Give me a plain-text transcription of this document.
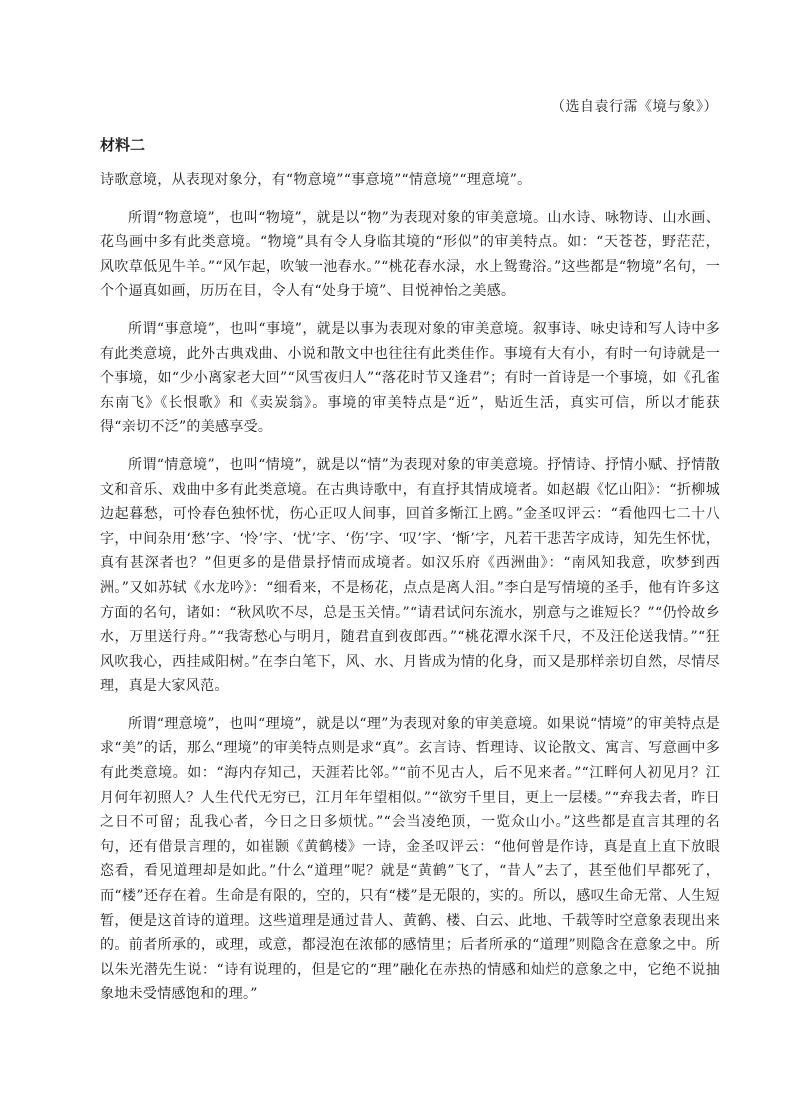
（选自袁行霈《境与象》）
材料二

诗歌意境，从表现对象分，有“物意境”“事意境”“情意境”“理意境”。

所谓“物意境”，也叫“物境”，就是以“物”为表现对象的审美意境。山水诗、咏物诗、山水画、花鸟画中多有此类意境。“物境”具有令人身临其境的“形似”的审美特点。如：“天苍苍，野茫茫，风吹草低见牛羊。”“风乍起，吹皱一池春水。”“桃花春水渌，水上鸳鸯浴。”这些都是“物境”名句，一个个逼真如画，历历在目，令人有“处身于境”、目悦神怡之美感。

所谓“事意境”，也叫“事境”，就是以事为表现对象的审美意境。叙事诗、咏史诗和写人诗中多有此类意境，此外古典戏曲、小说和散文中也往往有此类佳作。事境有大有小，有时一句诗就是一个事境，如“少小离家老大回”“风雪夜归人”“落花时节又逢君”；有时一首诗是一个事境，如《孔雀东南飞》《长恨歌》和《卖炭翁》。事境的审美特点是“近”，贴近生活，真实可信，所以才能获得“亲切不泛”的美感享受。

所谓“情意境”，也叫“情境”，就是以“情”为表现对象的审美意境。抒情诗、抒情小赋、抒情散文和音乐、戏曲中多有此类意境。在古典诗歌中，有直抒其情成境者。如赵嘏《忆山阳》：“折柳城边起暮愁，可怜春色独怀忧，伤心正叹人间事，回首多惭江上鸥。”金圣叹评云：“看他四七二十八字，中间杂用‘愁’字、‘怜’字、‘忧’字、‘伤’字、‘叹’字、‘惭’字，凡若干悲苦字成诗，知先生怀忧，真有甚深者也？”但更多的是借景抒情而成境者。如汉乐府《西洲曲》：“南风知我意，吹梦到西洲。”又如苏轼《水龙吟》：“细看来，不是杨花，点点是离人泪。”李白是写情境的圣手，他有许多这方面的名句，诸如：“秋风吹不尽，总是玉关情。”“请君试问东流水，别意与之谁短长？”“仍怜故乡水，万里送行舟。”“我寄愁心与明月，随君直到夜郎西。”“桃花潭水深千尺，不及汪伦送我情。”“狂风吹我心，西挂咸阳树。”在李白笔下，风、水、月皆成为情的化身，而又是那样亲切自然，尽情尽理，真是大家风范。

所谓“理意境”，也叫“理境”，就是以“理”为表现对象的审美意境。如果说“情境”的审美特点是求“美”的话，那么“理境”的审美特点则是求“真”。玄言诗、哲理诗、议论散文、寓言、写意画中多有此类意境。如：“海内存知己，天涯若比邻。”“前不见古人，后不见来者。”“江畔何人初见月？江月何年初照人？人生代代无穷已，江月年年望相似。”“欲穷千里目，更上一层楼。”“弃我去者，昨日之日不可留；乱我心者，今日之日多烦忧。”“会当凌绝顶，一览众山小。”这些都是直言其理的名句，还有借景言理的，如崔颢《黄鹤楼》一诗，金圣叹评云：“他何曾是作诗，真是直上直下放眼恣看，看见道理却是如此。”什么“道理”呢？就是“黄鹤”飞了，“昔人”去了，甚至他们早都死了，而“楼”还存在着。生命是有限的，空的，只有“楼”是无限的，实的。所以，感叹生命无常、人生短暂，便是这首诗的道理。这些道理是通过昔人、黄鹤、楼、白云、此地、千载等时空意象表现出来的。前者所承的，或理，或意，都浸泡在浓郁的感情里；后者所承的“道理”则隐含在意象之中。所以朱光潜先生说：“诗有说理的，但是它的“理”融化在赤热的情感和灿烂的意象之中，它绝不说抽象地未受情感饱和的理。”
